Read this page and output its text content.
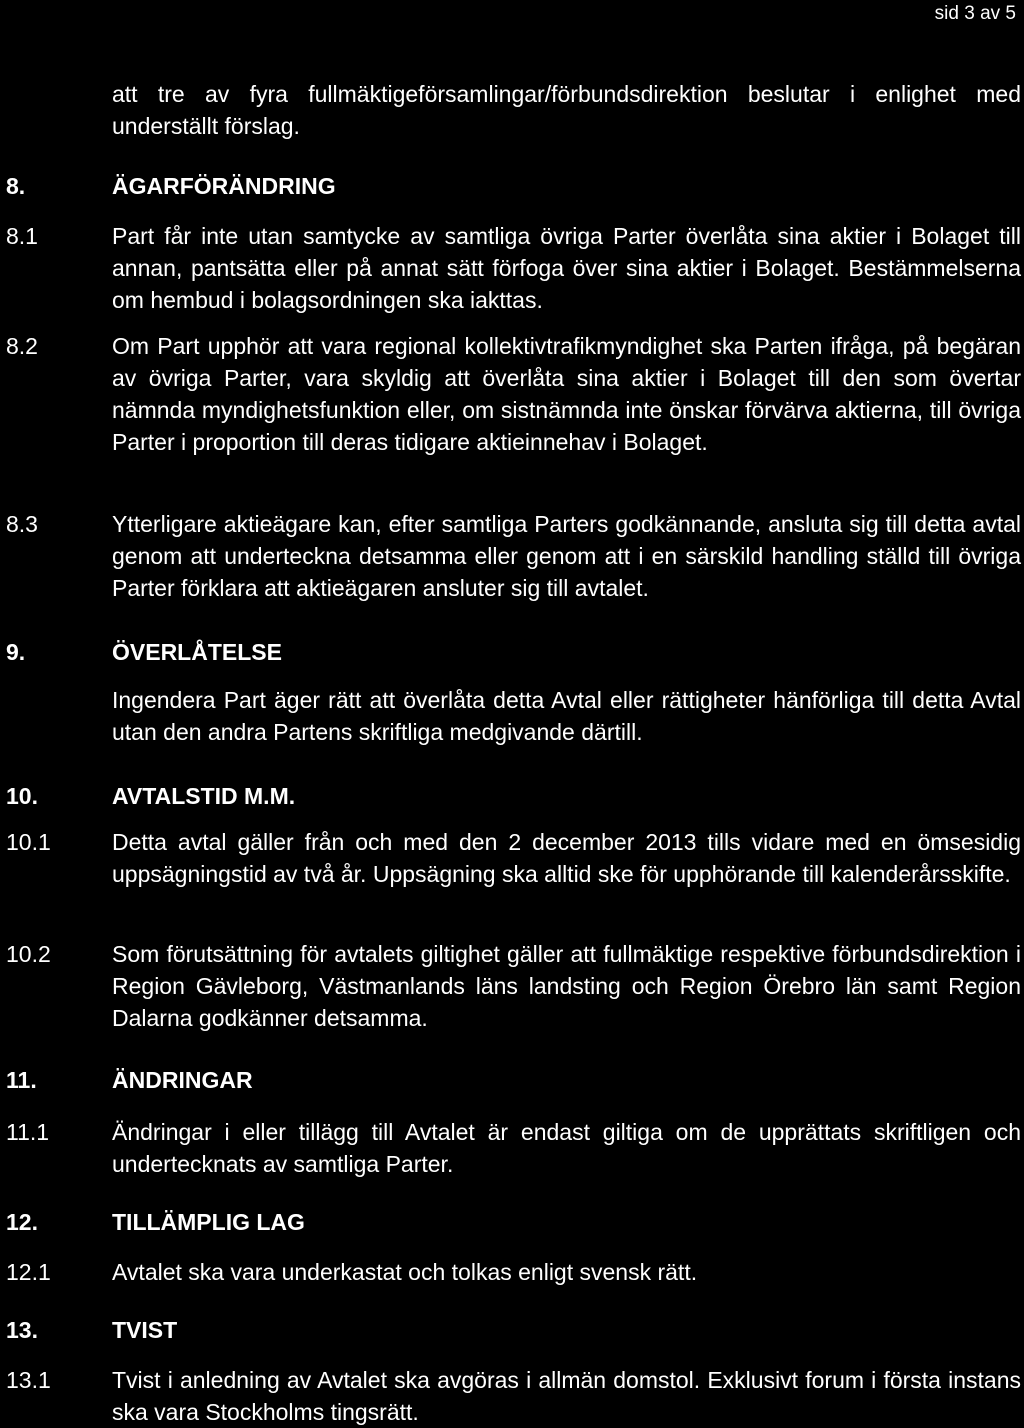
sid 3 av 5
att tre av fyra fullmäktigeförsamlingar/förbundsdirektion beslutar i enlighet med underställt förslag.
8.	ÄGARFÖRÄNDRING
8.1	Part får inte utan samtycke av samtliga övriga Parter överlåta sina aktier i Bolaget till annan, pantsätta eller på annat sätt förfoga över sina aktier i Bolaget. Bestämmelserna om hembud i bolagsordningen ska iakttas.
8.2	Om Part upphör att vara regional kollektivtrafikmyndighet ska Parten ifråga, på begäran av övriga Parter, vara skyldig att överlåta sina aktier i Bolaget till den som övertar nämnda myndighetsfunktion eller, om sistnämnda inte önskar förvärva aktierna, till övriga Parter i proportion till deras tidigare aktieinnehav i Bolaget.
8.3	Ytterligare aktieägare kan, efter samtliga Parters godkännande, ansluta sig till detta avtal genom att underteckna detsamma eller genom att i en särskild handling ställd till övriga Parter förklara att aktieägaren ansluter sig till avtalet.
9.	ÖVERLÅTELSE
Ingendera Part äger rätt att överlåta detta Avtal eller rättigheter hänförliga till detta Avtal utan den andra Partens skriftliga medgivande därtill.
10.	AVTALSTID M.M.
10.1	Detta avtal gäller från och med den 2 december 2013 tills vidare med en ömsesidig uppsägningstid av två år. Uppsägning ska alltid ske för upphörande till kalenderårsskifte.
10.2	Som förutsättning för avtalets giltighet gäller att fullmäktige respektive förbundsdirektion i Region Gävleborg, Västmanlands läns landsting och Region Örebro län samt Region Dalarna godkänner detsamma.
11.	ÄNDRINGAR
11.1	Ändringar i eller tillägg till Avtalet är endast giltiga om de upprättats skriftligen och undertecknats av samtliga Parter.
12.	TILLÄMPLIG LAG
12.1	Avtalet ska vara underkastat och tolkas enligt svensk rätt.
13.	TVIST
13.1	Tvist i anledning av Avtalet ska avgöras i allmän domstol. Exklusivt forum i första instans ska vara Stockholms tingsrätt.
